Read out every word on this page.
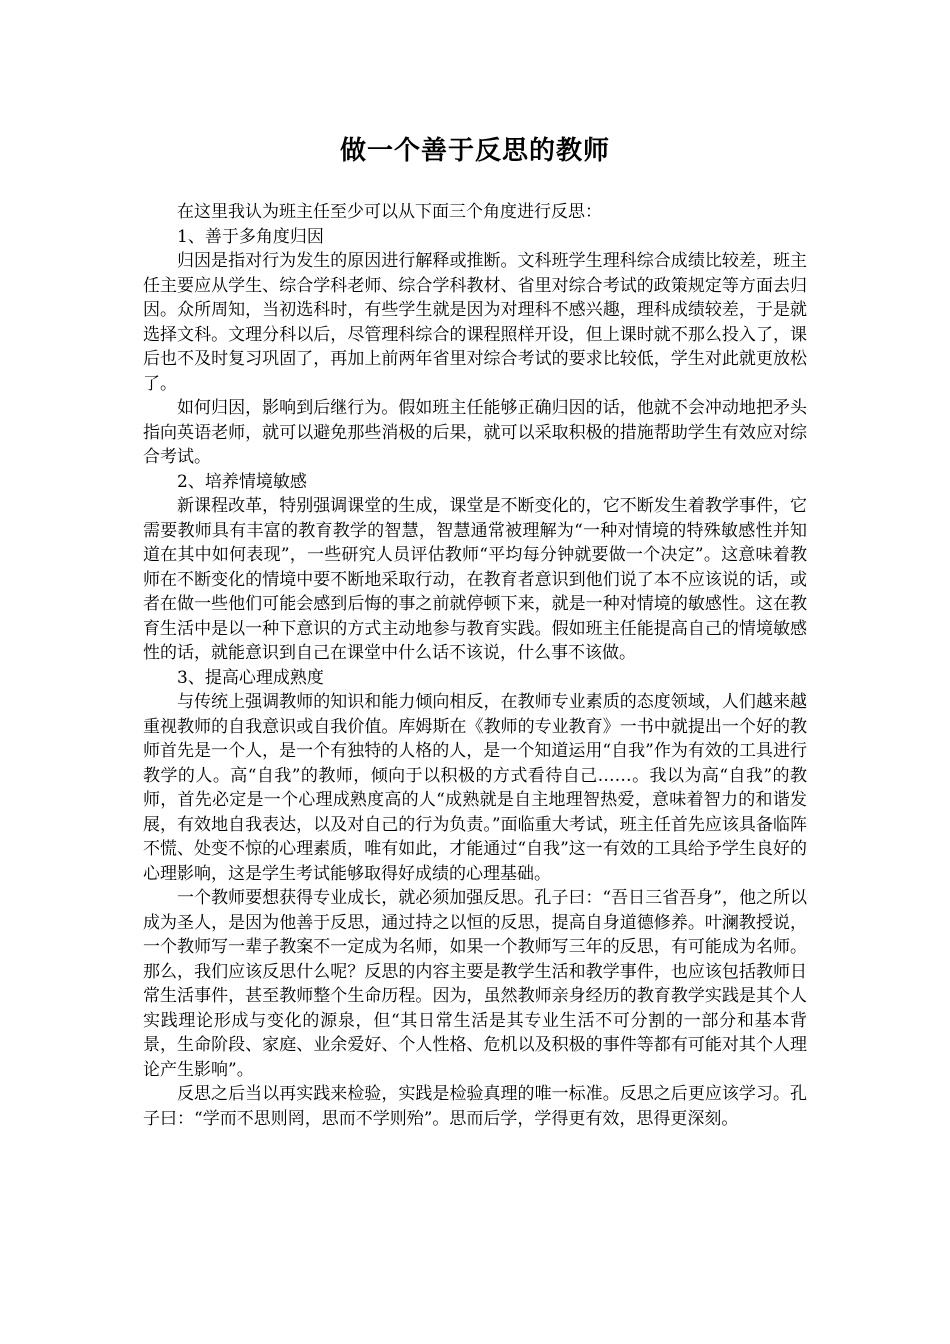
做一个善于反思的教师

在这里我认为班主任至少可以从下面三个角度进行反思：

1、善于多角度归因

归因是指对行为发生的原因进行解释或推断。文科班学生理科综合成绩比较差，班主任主要应从学生、综合学科老师、综合学科教材、省里对综合考试的政策规定等方面去归因。众所周知，当初选科时，有些学生就是因为对理科不感兴趣，理科成绩较差，于是就选择文科。文理分科以后，尽管理科综合的课程照样开设，但上课时就不那么投入了，课后也不及时复习巩固了，再加上前两年省里对综合考试的要求比较低，学生对此就更放松了。

如何归因，影响到后继行为。假如班主任能够正确归因的话，他就不会冲动地把矛头指向英语老师，就可以避免那些消极的后果，就可以采取积极的措施帮助学生有效应对综合考试。

2、培养情境敏感

新课程改革，特别强调课堂的生成，课堂是不断变化的，它不断发生着教学事件，它需要教师具有丰富的教育教学的智慧，智慧通常被理解为“一种对情境的特殊敏感性并知道在其中如何表现”，一些研究人员评估教师“平均每分钟就要做一个决定”。这意味着教师在不断变化的情境中要不断地采取行动，在教育者意识到他们说了本不应该说的话，或者在做一些他们可能会感到后悔的事之前就停顿下来，就是一种对情境的敏感性。这在教育生活中是以一种下意识的方式主动地参与教育实践。假如班主任能提高自己的情境敏感性的话，就能意识到自己在课堂中什么话不该说，什么事不该做。

3、提高心理成熟度

与传统上强调教师的知识和能力倾向相反，在教师专业素质的态度领域，人们越来越重视教师的自我意识或自我价值。库姆斯在《教师的专业教育》一书中就提出一个好的教师首先是一个人，是一个有独特的人格的人，是一个知道运用“自我”作为有效的工具进行教学的人。高“自我”的教师，倾向于以积极的方式看待自己……。我以为高“自我”的教师，首先必定是一个心理成熟度高的人“成熟就是自主地理智热爱，意味着智力的和谐发展，有效地自我表达，以及对自己的行为负责。”面临重大考试，班主任首先应该具备临阵不慌、处变不惊的心理素质，唯有如此，才能通过“自我”这一有效的工具给予学生良好的心理影响，这是学生考试能够取得好成绩的心理基础。

一个教师要想获得专业成长，就必须加强反思。孔子曰：“吾日三省吾身”，他之所以成为圣人，是因为他善于反思，通过持之以恒的反思，提高自身道德修养。叶澜教授说，一个教师写一辈子教案不一定成为名师，如果一个教师写三年的反思，有可能成为名师。那么，我们应该反思什么呢？反思的内容主要是教学生活和教学事件，也应该包括教师日常生活事件，甚至教师整个生命历程。因为，虽然教师亲身经历的教育教学实践是其个人实践理论形成与变化的源泉，但“其日常生活是其专业生活不可分割的一部分和基本背景，生命阶段、家庭、业余爱好、个人性格、危机以及积极的事件等都有可能对其个人理论产生影响”。

反思之后当以再实践来检验，实践是检验真理的唯一标准。反思之后更应该学习。孔子曰：“学而不思则罔，思而不学则殆”。思而后学，学得更有效，思得更深刻。
